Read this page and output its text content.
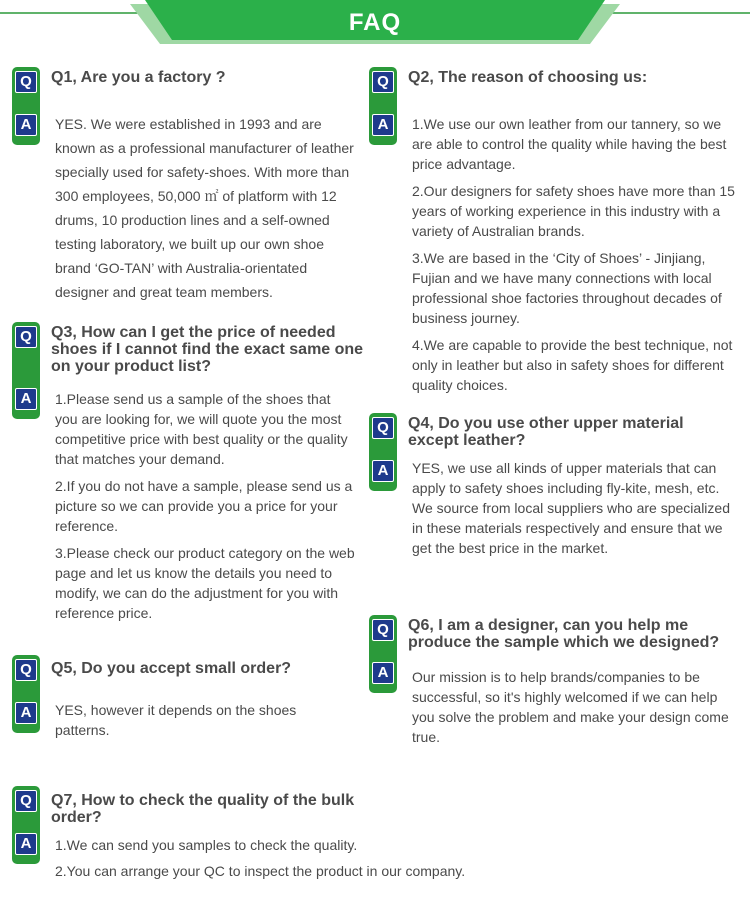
FAQ
Q
A
Q1, Are you a factory ?

YES. We were established in 1993 and are known as a professional manufacturer of leather specially used for safety-shoes. With more than 300 employees, 50,000 ㎡ of platform with 12 drums, 10 production lines and a self-owned testing laboratory, we built up our own shoe brand ‘GO-TAN’ with Australia-orientated designer and great team members.

Q
A
Q2, The reason of choosing us:

1.We use our own leather from our tannery, so we are able to control the quality while having the best price advantage.

2.Our designers for safety shoes have more than 15 years of working experience in this industry with a variety of Australian brands.

3.We are based in the ‘City of Shoes’ - Jinjiang, Fujian and we have many connections with local professional shoe factories throughout decades of business journey.

4.We are capable to provide the best technique, not only in leather but also in safety shoes for different quality choices.

Q
A
Q3, How can I get the price of needed shoes if I cannot find the exact same one on your product list?

1.Please send us a sample of the shoes that you are looking for, we will quote you the most competitive price with best quality or the quality that matches your demand.

2.If you do not have a sample, please send us a picture so we can provide you a price for your reference.

3.Please check our product category on the web page and let us know the details you need to modify, we can do the adjustment for you with reference price.

Q
A
Q4, Do you use other upper material except leather?

YES, we use all kinds of upper materials that can apply to safety shoes including fly-kite, mesh, etc. We source from local suppliers who are specialized in these materials respectively and ensure that we get the best price in the market.

Q
A
Q5, Do you accept small order?

YES, however it depends on the shoes patterns.

Q
A
Q6, I am a designer, can you help me produce the sample which we designed?

Our mission is to help brands/companies to be successful, so it's highly welcomed if we can help you solve the problem and make your design come true.

Q
A
Q7, How to check the quality of the bulk order?

1.We can send you samples to check the quality.

2.You can arrange your QC to inspect the product in our company.
